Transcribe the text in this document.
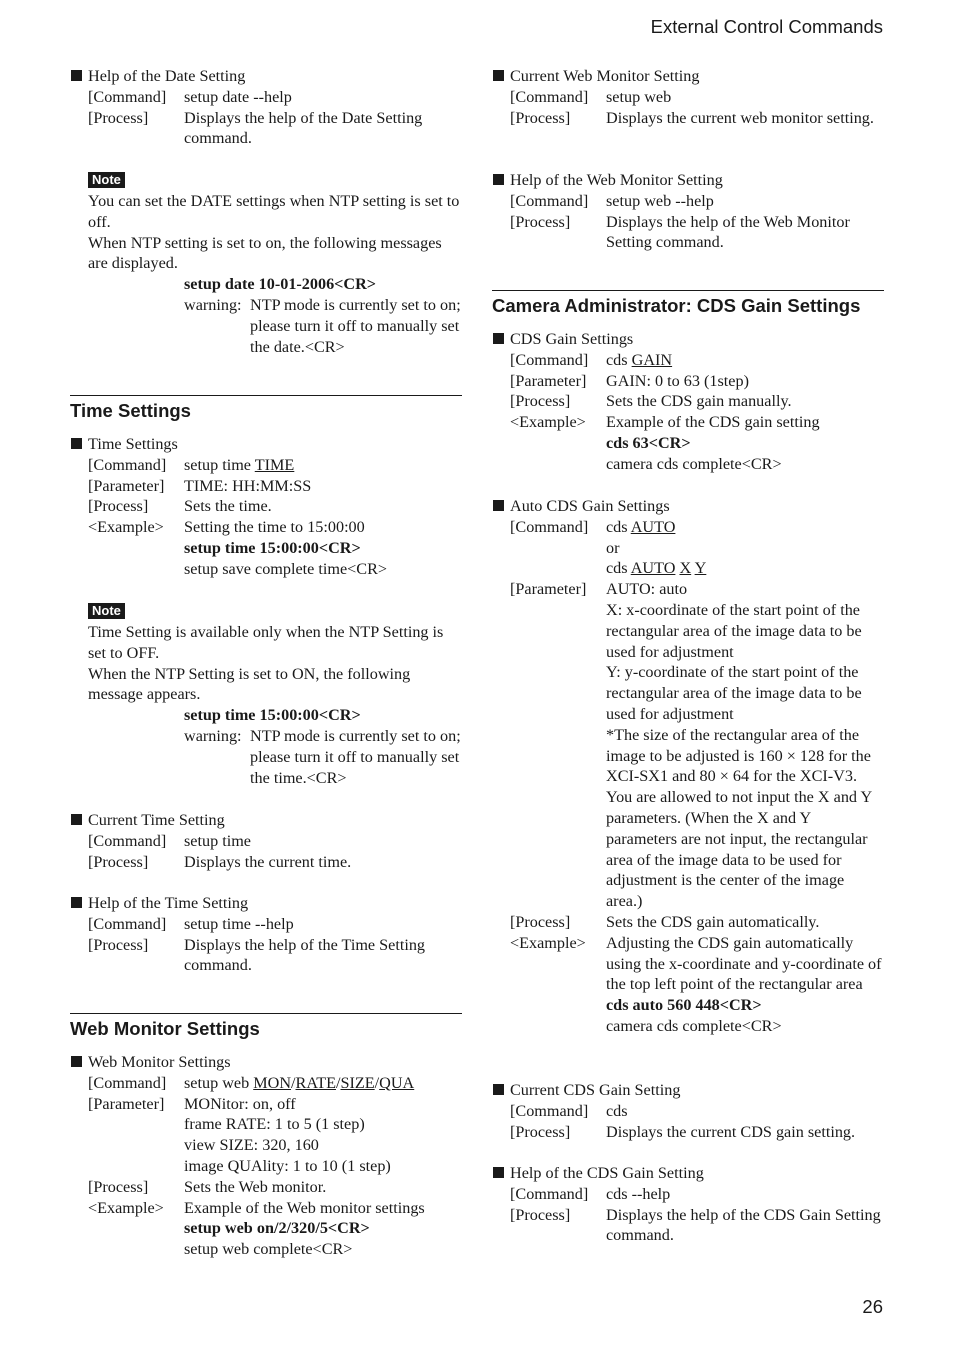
External Control Commands
Help of the Date Setting
[Command]	setup date --help
[Process]	Displays the help of the Date Setting command.
Note
You can set the DATE settings when NTP setting is set to off.
When NTP setting is set to on, the following messages are displayed.
setup date 10-01-2006<CR>
warning: NTP mode is currently set to on; please turn it off to manually set the date.<CR>
Time Settings
Time Settings
[Command]	setup time TIME
[Parameter]	TIME: HH:MM:SS
[Process]	Sets the time.
<Example>	Setting the time to 15:00:00
setup time 15:00:00<CR>
setup save complete time<CR>
Note
Time Setting is available only when the NTP Setting is set to OFF.
When the NTP Setting is set to ON, the following message appears.
setup time 15:00:00<CR>
warning: NTP mode is currently set to on; please turn it off to manually set the time.<CR>
Current Time Setting
[Command]	setup time
[Process]	Displays the current time.
Help of the Time Setting
[Command]	setup time --help
[Process]	Displays the help of the Time Setting command.
Web Monitor Settings
Web Monitor Settings
[Command]	setup web MON/RATE/SIZE/QUA
[Parameter]	MONitor: on, off
frame RATE: 1 to 5 (1 step)
view SIZE: 320, 160
image QUAlity: 1 to 10 (1 step)
[Process]	Sets the Web monitor.
<Example>	Example of the Web monitor settings
setup web on/2/320/5<CR>
setup web complete<CR>
Current Web Monitor Setting
[Command]	setup web
[Process]	Displays the current web monitor setting.
Help of the Web Monitor Setting
[Command]	setup web --help
[Process]	Displays the help of the Web Monitor Setting command.
Camera Administrator: CDS Gain Settings
CDS Gain Settings
[Command]	cds GAIN
[Parameter]	GAIN: 0 to 63 (1step)
[Process]	Sets the CDS gain manually.
<Example>	Example of the CDS gain setting
cds 63<CR>
camera cds complete<CR>
Auto CDS Gain Settings
[Command]	cds AUTO
or
cds AUTO X Y
[Parameter]	AUTO: auto
X: x-coordinate of the start point of the rectangular area of the image data to be used for adjustment
Y: y-coordinate of the start point of the rectangular area of the image data to be used for adjustment
*The size of the rectangular area of the image to be adjusted is 160 × 128 for the XCI-SX1 and 80 × 64 for the XCI-V3. You are allowed to not input the X and Y parameters. (When the X and Y parameters are not input, the rectangular area of the image data to be used for adjustment is the center of the image area.)
[Process]	Sets the CDS gain automatically.
<Example>	Adjusting the CDS gain automatically using the x-coordinate and y-coordinate of the top left point of the rectangular area
cds auto 560 448<CR>
camera cds complete<CR>
Current CDS Gain Setting
[Command]	cds
[Process]	Displays the current CDS gain setting.
Help of the CDS Gain Setting
[Command]	cds --help
[Process]	Displays the help of the CDS Gain Setting command.
26
